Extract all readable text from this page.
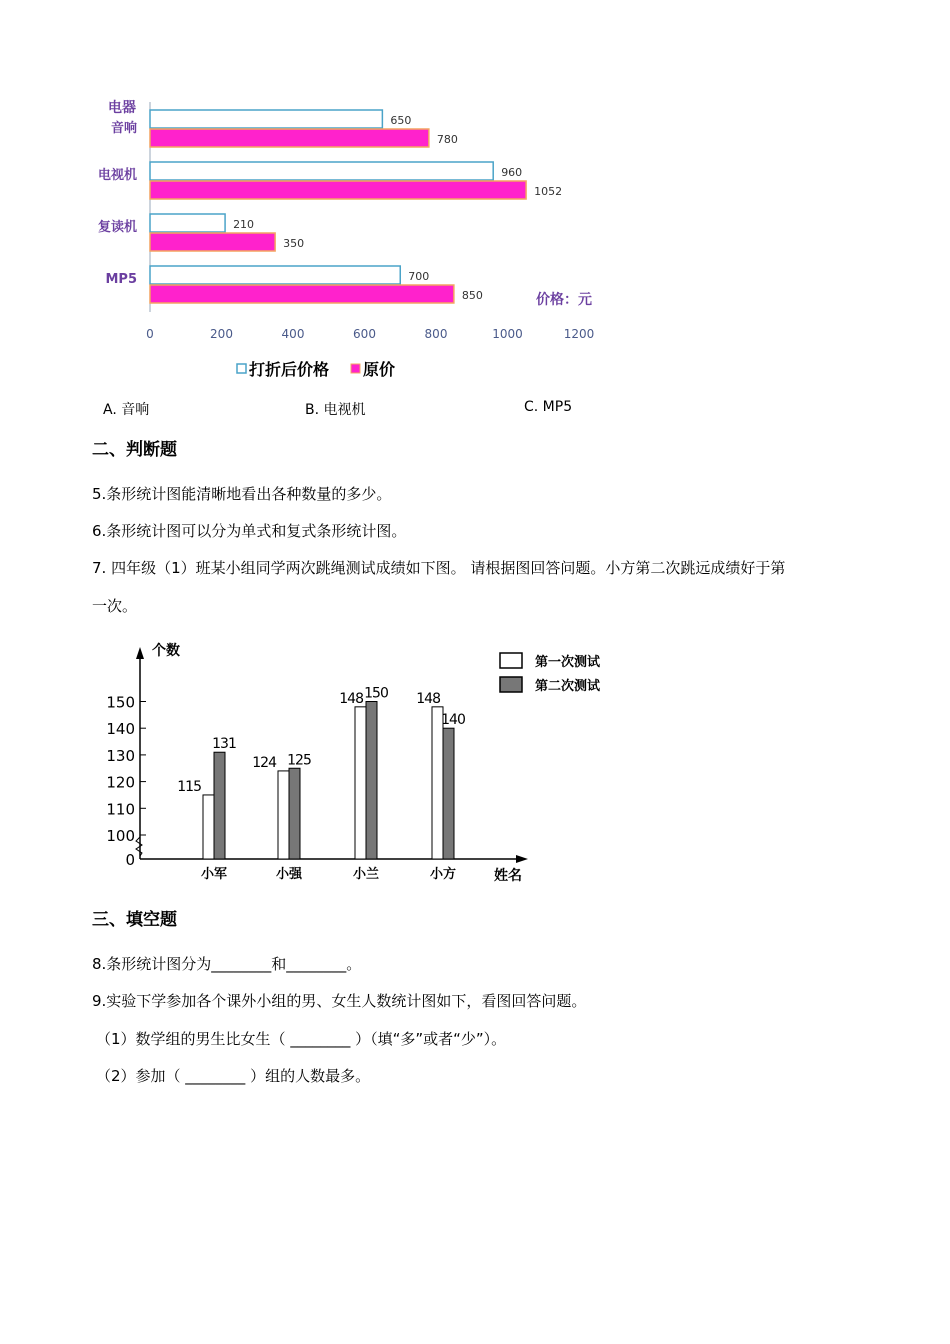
电器
音响
650
780
电视机	960
1052
复读机	210
350
MP5	700
850
0	200	400	600	800	1000	1200
价格：元
打折后价格 原价
A. 音响	B. 电视机	C. MP5
二、判断题
5.条形统计图能清晰地看出各种数量的多少。
6.条形统计图可以分为单式和复式条形统计图。
7. 四年级（1）班某小组同学两次跳绳测试成绩如下图。 请根据图回答问题。小方第二次跳远成绩好于第
一次。
个数
姓名
0
100
110
120
130
140
150
115
131
小军
124 125
小强
148 150
小兰
148
140
小方
第一次测试
第二次测试
三、填空题
8.条形统计图分为________和________。
9.实验下学参加各个课外小组的男、女生人数统计图如下，看图回答问题。
（1）数学组的男生比女生（ ________ ）（填“多”或者“少”）。
（2）参加（ ________ ）组的人数最多。
